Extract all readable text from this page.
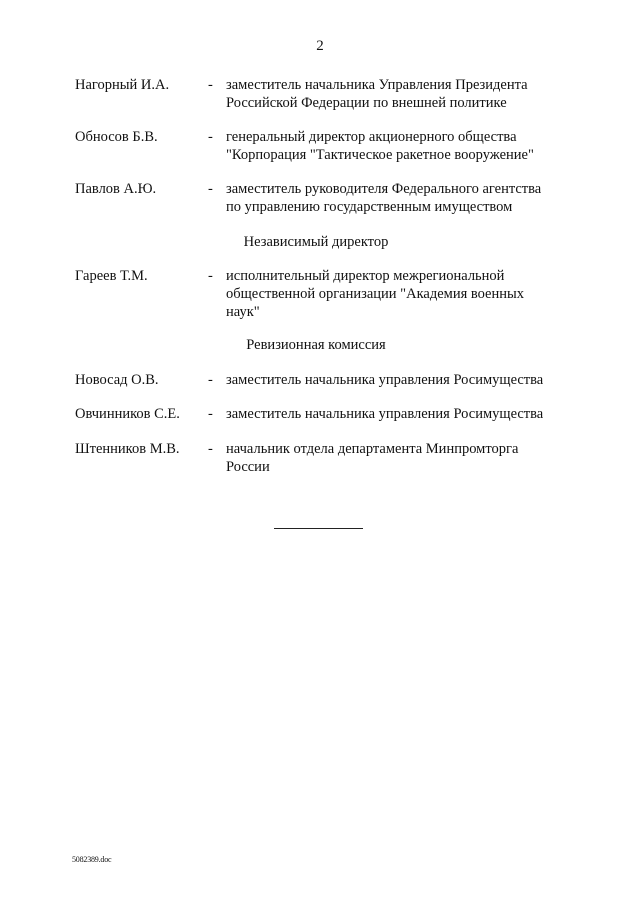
2
Нагорный И.А.	- заместитель начальника Управления Президента
Российской Федерации по внешней политике
Обносов Б.В.	- генеральный директор акционерного общества
"Корпорация "Тактическое ракетное вооружение"
Павлов А.Ю.	- заместитель руководителя Федерального агентства
по управлению государственным имуществом
Независимый директор
Гареев Т.М.	- исполнительный директор межрегиональной
общественной организации "Академия военных
наук"
Ревизионная комиссия
Новосад О.В.	- заместитель начальника управления Росимущества
Овчинников С.Е. - заместитель начальника управления Росимущества
Штенников М.В. - начальник отдела департамента Минпромторга
России
5082389.doc
